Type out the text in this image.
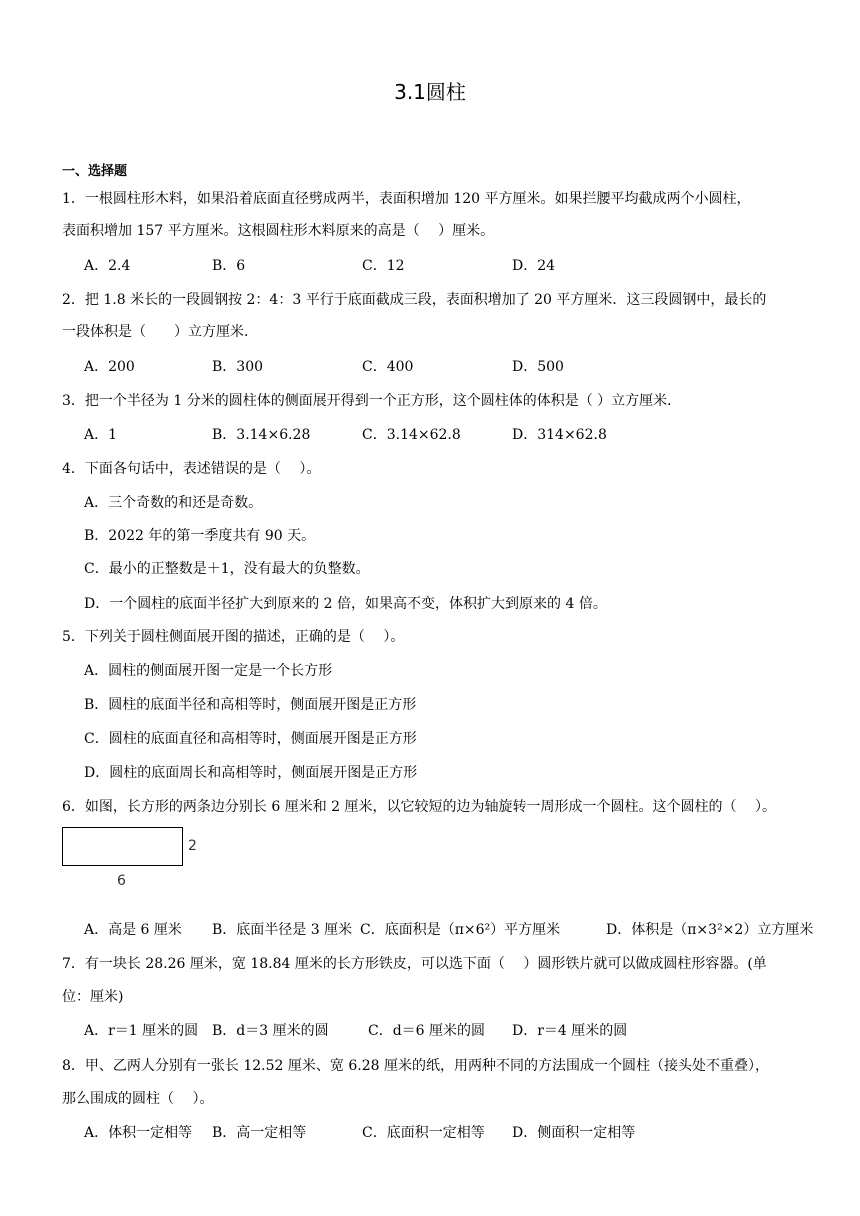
3.1圆柱
一、选择题
1．一根圆柱形木料，如果沿着底面直径劈成两半，表面积增加 120 平方厘米。如果拦腰平均截成两个小圆柱，
表面积增加 157 平方厘米。这根圆柱形木料原来的高是（　 ）厘米。
A．2.4	B．6	C．12	D．24
2．把 1.8 米长的一段圆钢按 2：4：3 平行于底面截成三段，表面积增加了 20 平方厘米．这三段圆钢中，最长的
一段体积是（　　）立方厘米．
A．200	B．300	C．400	D．500
3．把一个半径为 1 分米的圆柱体的侧面展开得到一个正方形，这个圆柱体的体积是（ ）立方厘米．
A．1	B．3.14×6.28	C．3.14×62.8	D．314×62.8
4．下面各句话中，表述错误的是（　 ）。
A．三个奇数的和还是奇数。
B．2022 年的第一季度共有 90 天。
C．最小的正整数是＋1，没有最大的负整数。
D．一个圆柱的底面半径扩大到原来的 2 倍，如果高不变，体积扩大到原来的 4 倍。
5．下列关于圆柱侧面展开图的描述，正确的是（　 ）。
A．圆柱的侧面展开图一定是一个长方形
B．圆柱的底面半径和高相等时，侧面展开图是正方形
C．圆柱的底面直径和高相等时，侧面展开图是正方形
D．圆柱的底面周长和高相等时，侧面展开图是正方形
6．如图，长方形的两条边分别长 6 厘米和 2 厘米，以它较短的边为轴旋转一周形成一个圆柱。这个圆柱的（　 ）。
2
6
A．高是 6 厘米 B．底面半径是 3 厘米 C．底面积是（π×6²）平方厘米	D．体积是（π×3²×2）立方厘米
7．有一块长 28.26 厘米，宽 18.84 厘米的长方形铁皮，可以选下面（　 ）圆形铁片就可以做成圆柱形容器。(单
位：厘米)
A．r＝1 厘米的圆 B．d＝3 厘米的圆	C．d＝6 厘米的圆 D．r＝4 厘米的圆
8．甲、乙两人分别有一张长 12.52 厘米、宽 6.28 厘米的纸，用两种不同的方法围成一个圆柱（接头处不重叠），
那么围成的圆柱（　 ）。
A．体积一定相等 B．高一定相等	C．底面积一定相等 D．侧面积一定相等
